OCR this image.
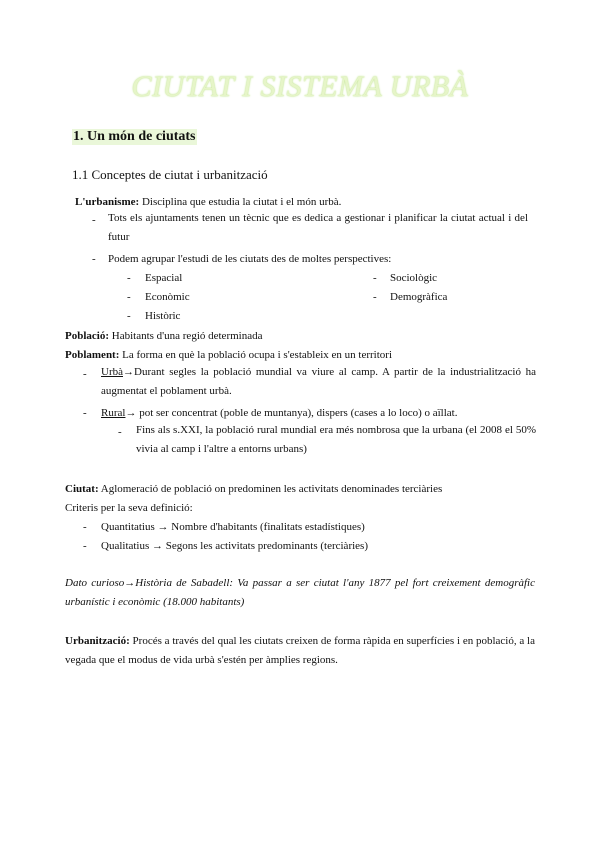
CIUTAT I SISTEMA URBÀ
1. Un món de ciutats
1.1 Conceptes de ciutat i urbanització
L'urbanisme: Disciplina que estudia la ciutat i el món urbà.
- Tots els ajuntaments tenen un tècnic que es dedica a gestionar i planificar la ciutat actual i del futur
- Podem agrupar l'estudi de les ciutats des de moltes perspectives:
- Espacial
- Econòmic
- Històric
- Sociològic
- Demogràfica
Població: Habitants d'una regió determinada
Poblament: La forma en què la població ocupa i s'estableix en un territori
- Urbà→Durant segles la població mundial va viure al camp. A partir de la industrialització ha augmentat el poblament urbà.
- Rural→ pot ser concentrat (poble de muntanya), dispers (cases a lo loco) o aïllat.
- Fins als s.XXI, la població rural mundial era més nombrosa que la urbana (el 2008 el 50% vivia al camp i l'altre a entorns urbans)
Ciutat: Aglomeració de població on predominen les activitats denominades terciàries
Criteris per la seva definició:
- Quantitatius → Nombre d'habitants (finalitats estadístiques)
- Qualitatius → Segons les activitats predominants (terciàries)
Dato curioso→Història de Sabadell: Va passar a ser ciutat l'any 1877 pel fort creixement demogràfic urbanístic i econòmic (18.000 habitants)
Urbanització: Procés a través del qual les ciutats creixen de forma ràpida en superfícies i en població, a la vegada que el modus de vida urbà s'estén per àmplies regions.
